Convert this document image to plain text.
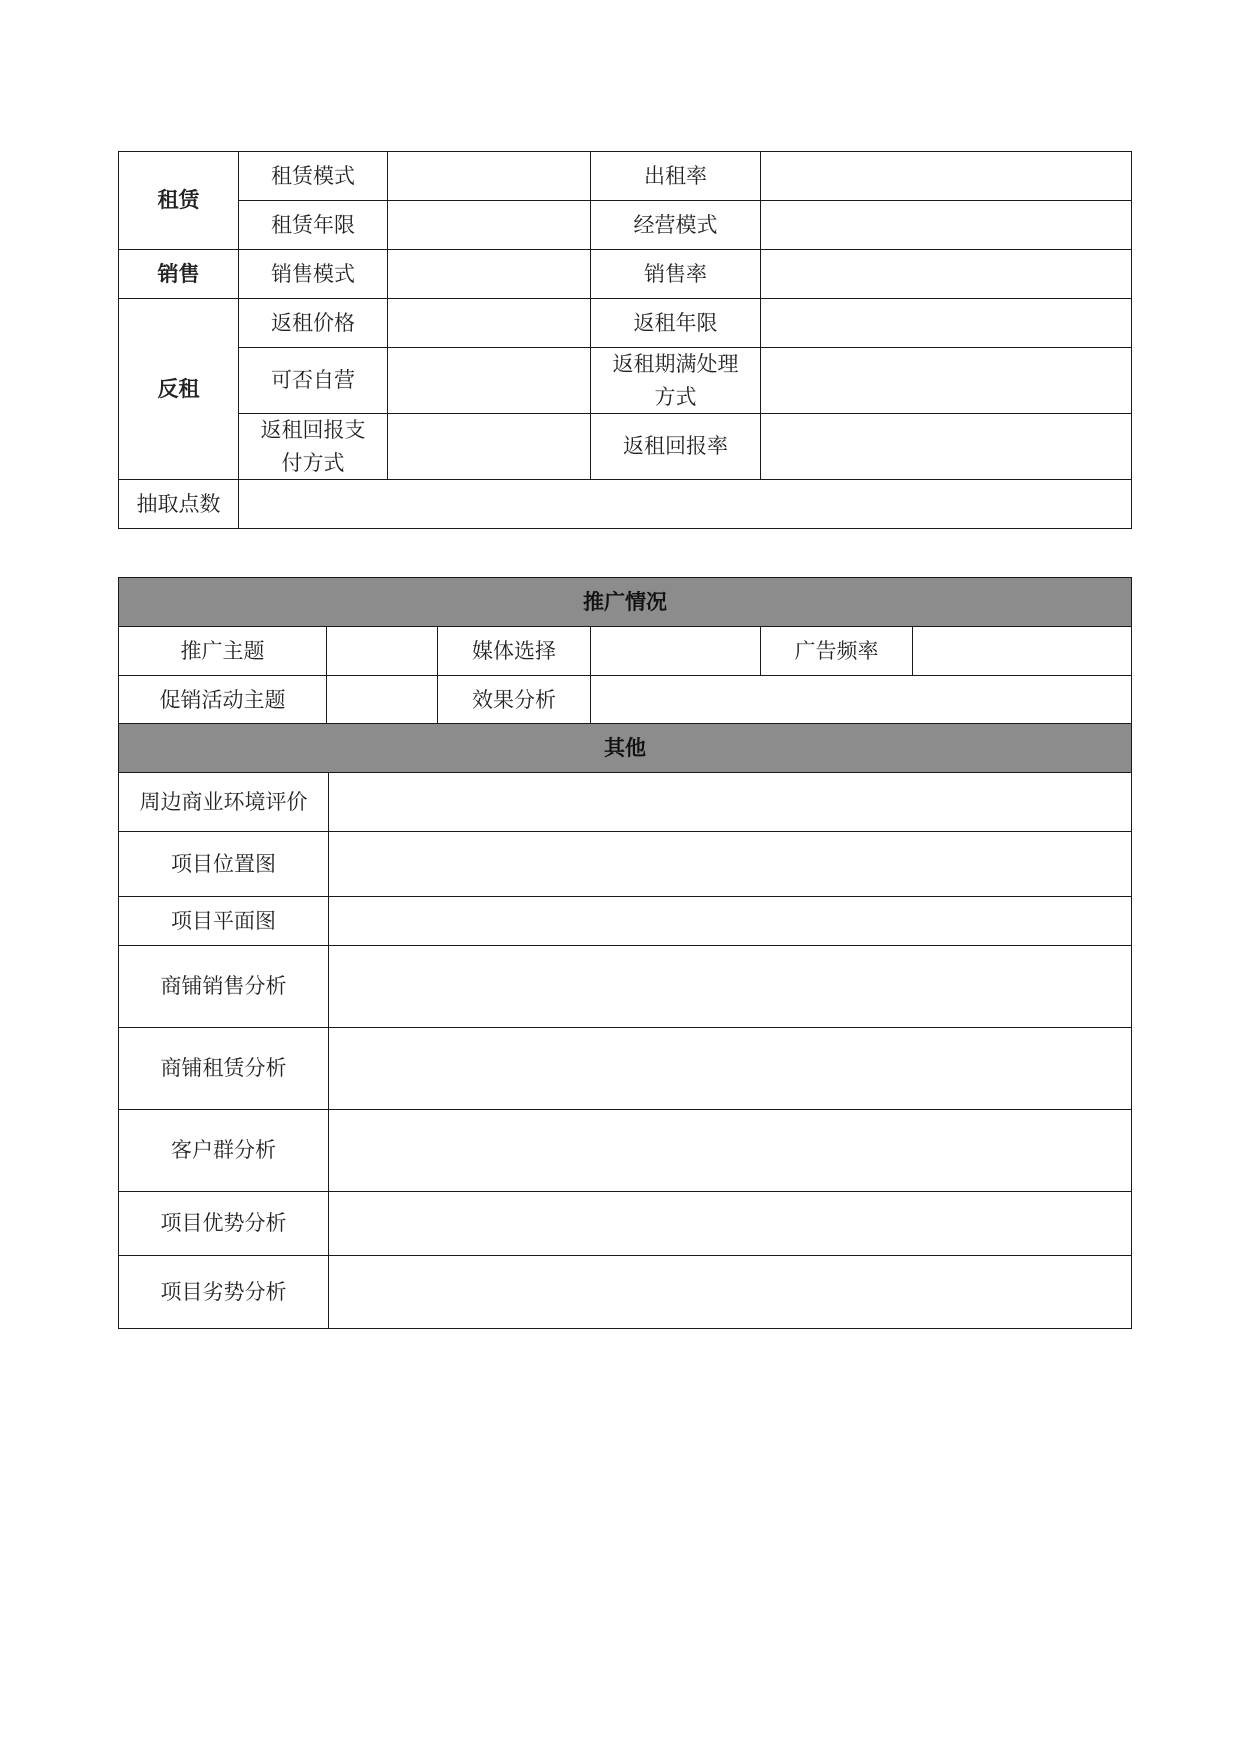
租赁	租赁模式		出租率	
	租赁年限		经营模式	
销售	销售模式		销售率	
反租	返租价格		返租年限	
	可否自营		返租期满处理方式	
	返租回报支付方式		返租回报率	
抽取点数				
推广情况					
推广主题		媒体选择		广告频率	
促销活动主题		效果分析			
其他	
周边商业环境评价	
项目位置图	
项目平面图	
商铺销售分析	
商铺租赁分析	
客户群分析	
项目优势分析	
项目劣势分析	
